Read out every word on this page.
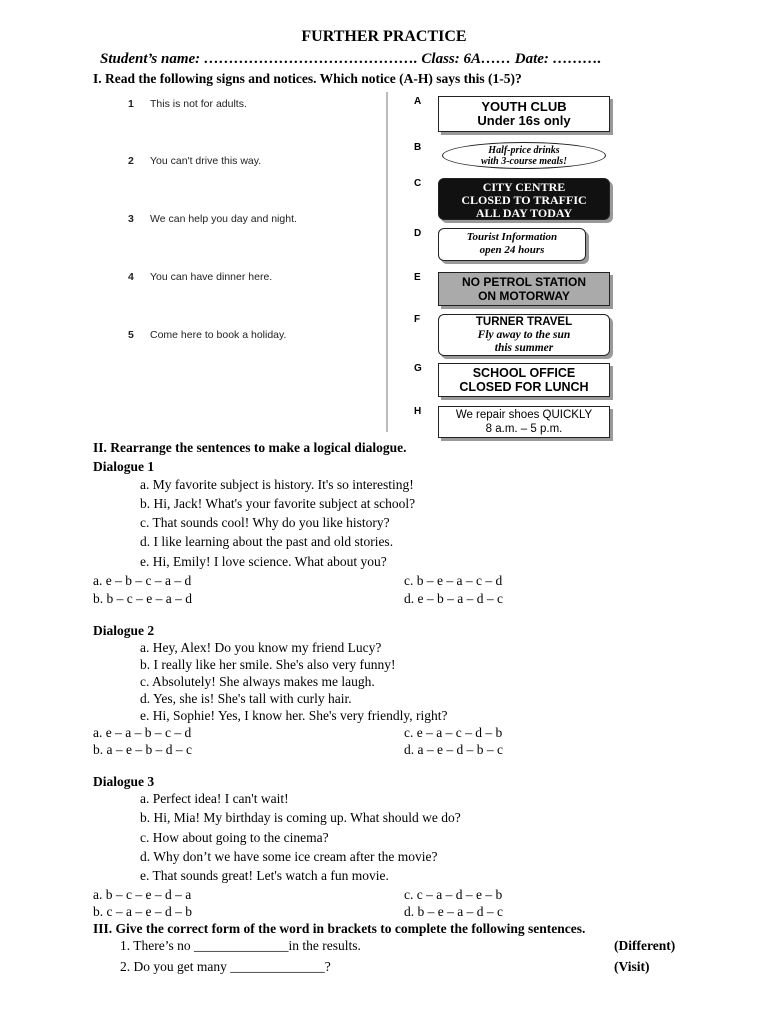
FURTHER PRACTICE
Student’s name: ……………………………………. Class: 6A…… Date: ……….
I. Read the following signs and notices. Which notice (A-H) says this (1-5)?
1 This is not for adults.
2 You can't drive this way.
3 We can help you day and night.
4 You can have dinner here.
5 Come here to book a holiday.
A
B
C
D
E
F
G
H
YOUTH CLUB
Under 16s only
Half-price drinks
with 3-course meals!
CITY CENTRE
CLOSED TO TRAFFIC
ALL DAY TODAY
Tourist Information
open 24 hours
NO PETROL STATION
ON MOTORWAY
TURNER TRAVEL
Fly away to the sun
this summer
SCHOOL OFFICE
CLOSED FOR LUNCH
We repair shoes QUICKLY
8 a.m. – 5 p.m.
II. Rearrange the sentences to make a logical dialogue.
Dialogue 1
a. My favorite subject is history. It's so interesting!
b. Hi, Jack! What's your favorite subject at school?
c. That sounds cool! Why do you like history?
d. I like learning about the past and old stories.
e. Hi, Emily! I love science. What about you?
a. e – b – c – a – d	c. b – e – a – c – d
b. b – c – e – a – d	d. e – b – a – d – c
Dialogue 2
a. Hey, Alex! Do you know my friend Lucy?
b. I really like her smile. She's also very funny!
c. Absolutely! She always makes me laugh.
d. Yes, she is! She's tall with curly hair.
e. Hi, Sophie! Yes, I know her. She's very friendly, right?
a. e – a – b – c – d	c. e – a – c – d – b
b. a – e – b – d – c	d. a – e – d – b – c
Dialogue 3
a. Perfect idea! I can't wait!
b. Hi, Mia! My birthday is coming up. What should we do?
c. How about going to the cinema?
d. Why don’t we have some ice cream after the movie?
e. That sounds great! Let's watch a fun movie.
a. b – c – e – d – a	c. c – a – d – e – b
b. c – a – e – d – b	d. b – e – a – d – c
III. Give the correct form of the word in brackets to complete the following sentences.
1. There’s no ______________in the results.	(Different)
2. Do you get many ______________?	(Visit)
